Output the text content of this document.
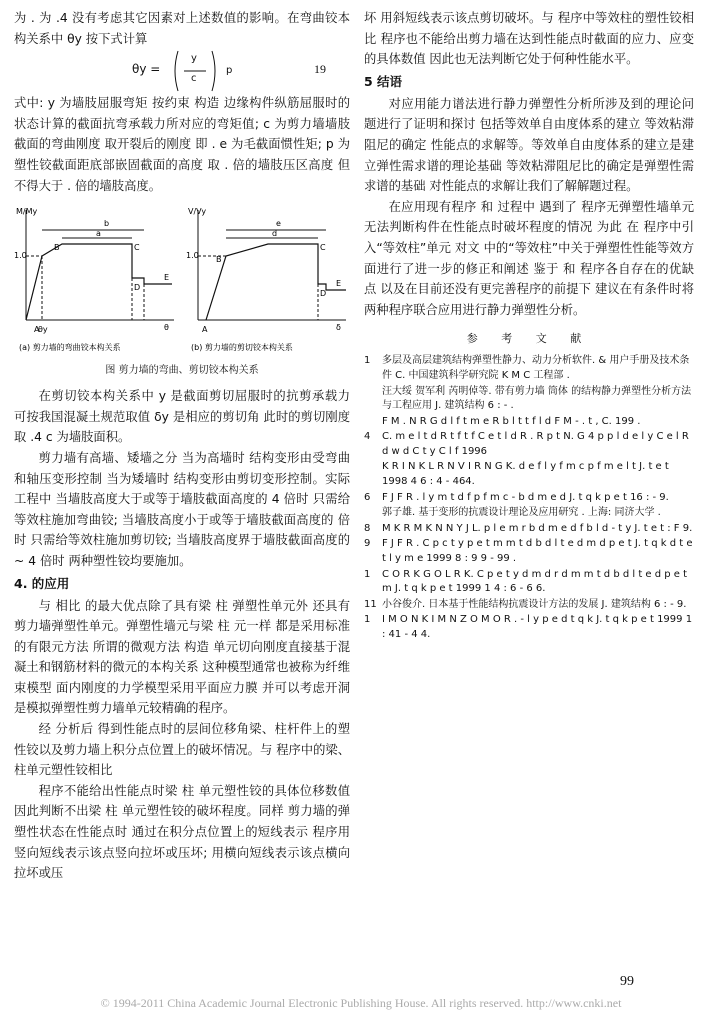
为 . 为 .4 没有考虑其它因素对上述数值的影响。在弯曲铰本构关系中 θy 按下式计算

θy =
y
c
p	19

式中: y 为墙肢屈服弯矩 按约束 构造 边缘构件纵筋屈服时的状态计算的截面抗弯承载力所对应的弯矩值; c 为剪力墙墙肢截面的弯曲刚度 取开裂后的刚度 即 . e 为毛截面惯性矩; p 为塑性铰截面距底部嵌固截面的高度 取 . 倍的墙肢压区高度 但不得大于 . 倍的墙肢高度。

M/My
1.0
A
B	C
D
E
b
a
θ
θy
(a) 剪力墙的弯曲铰本构关系
V/Vy
1.0
A
B
C
D
E
e
d
δ
(b) 剪力墙的剪切铰本构关系
图 剪力墙的弯曲、剪切铰本构关系

在剪切铰本构关系中 y 是截面剪切屈服时的抗剪承载力 可按我国混凝土规范取值 δy 是相应的剪切角 此时的剪切刚度取 .4 c 为墙肢面积。

剪力墙有高墙、矮墙之分 当为高墙时 结构变形由受弯曲和轴压变形控制 当为矮墙时 结构变形由剪切变形控制。实际工程中 当墙肢高度大于或等于墙肢截面高度的 4 倍时 只需给等效柱施加弯曲铰; 当墙肢高度小于或等于墙肢截面高度的 倍时 只需给等效柱施加剪切铰; 当墙肢高度界于墙肢截面高度的 ~ 4 倍时 两种塑性铰均要施加。

4. 的应用

与 相比 的最大优点除了具有梁 柱 弹塑性单元外 还具有剪力墙弹塑性单元。弹塑性墙元与梁 柱 元一样 都是采用标准的有限元方法 所谓的微观方法 构造 单元切向刚度直接基于混凝土和钢筋材料的微元的本构关系 这种模型通常也被称为纤维束模型 面内刚度的力学模型采用平面应力膜 并可以考虑开洞 是模拟弹塑性剪力墙单元较精确的程序。

经 分析后 得到性能点时的层间位移角梁、柱杆件上的塑性铰以及剪力墙上积分点位置上的破坏情况。与 程序中的梁、柱单元塑性铰相比

程序不能给出性能点时梁 柱 单元塑性铰的具体位移数值 因此判断不出梁 柱 单元塑性铰的破坏程度。同样 剪力墙的弹塑性状态在性能点时 通过在积分点位置上的短线表示 程序用竖向短线表示该点竖向拉坏或压坏; 用横向短线表示该点横向拉坏或压

坏 用斜短线表示该点剪切破坏。与 程序中等效柱的塑性铰相比 程序也不能给出剪力墙在达到性能点时截面的应力、应变的具体数值 因此也无法判断它处于何种性能水平。

5 结语

对应用能力谱法进行静力弹塑性分析所涉及到的理论问题进行了证明和探讨 包括等效单自由度体系的建立 等效粘滞阻尼的确定 性能点的求解等。等效单自由度体系的建立是建立弹性需求谱的理论基础 等效粘滞阻尼比的确定是弹塑性需求谱的基础 对性能点的求解让我们了解解题过程。

在应用现有程序 和 过程中 遇到了 程序无弹塑性墙单元 无法判断构件在性能点时破坏程度的情况 为此 在 程序中引入“等效柱”单元 对文 中的“等效柱”中关于弹塑性性能等效方面进行了进一步的修正和阐述 鉴于 和 程序各自存在的优缺点 以及在目前还没有更完善程序的前提下 建议在有条件时将两种程序联合应用进行静力弹塑性分析。

参 考 文 献
1	多层及高层建筑结构弹塑性静力、动力分析软件. & 用户手册及技术条件 C. 中国建筑科学研究院 K M C 工程部 .
汪大绥 贺军利 芮明倬等. 带有剪力墙 筒体 的结构静力弹塑性分析方法与工程应用 J. 建筑结构 6 : - .
F M . N R G d l f t m e R b l t t f l d F M - . t , C. 199 .
4	C. m e l t d R t f t f C e t l d R . R p t N. G 4 p p l d e l y C e l R d w d C t y C l f 1996
K R I N K L R N V I R N G K. d e f l y f m c p f m e l t J. t e t 1998 4 6 : 4 - 464.
6	F J F R . l y m t d f p f m c - b d m e d J. t q k p e t 16 : - 9.
郭子雄. 基于变形的抗震设计理论及应用研究 . 上海: 同济大学 .
8	M K R M K N N Y J L. p l e m r b d m e d f b l d - t y J. t e t : F 9.
9	F J F R . C p c t y p e t m m t d b d l t e d m d p e t J. t q k d t e t l y m e 1999 8 : 9 9 - 99 .
1	C O R K G O L R K. C p e t y d m d r d m m t d b d l t e d p e t m J. t q k p e t 1999 1 4 : 6 - 6 6.
11 小谷俊介. 日本基于性能结构抗震设计方法的发展 J. 建筑结构 6 : - 9.
1	I M O N K I M N Z O M O R . - l y p e d t q k J. t q k p e t 1999 1 : 41 - 4 4.
99
© 1994-2011 China Academic Journal Electronic Publishing House. All rights reserved. http://www.cnki.net
